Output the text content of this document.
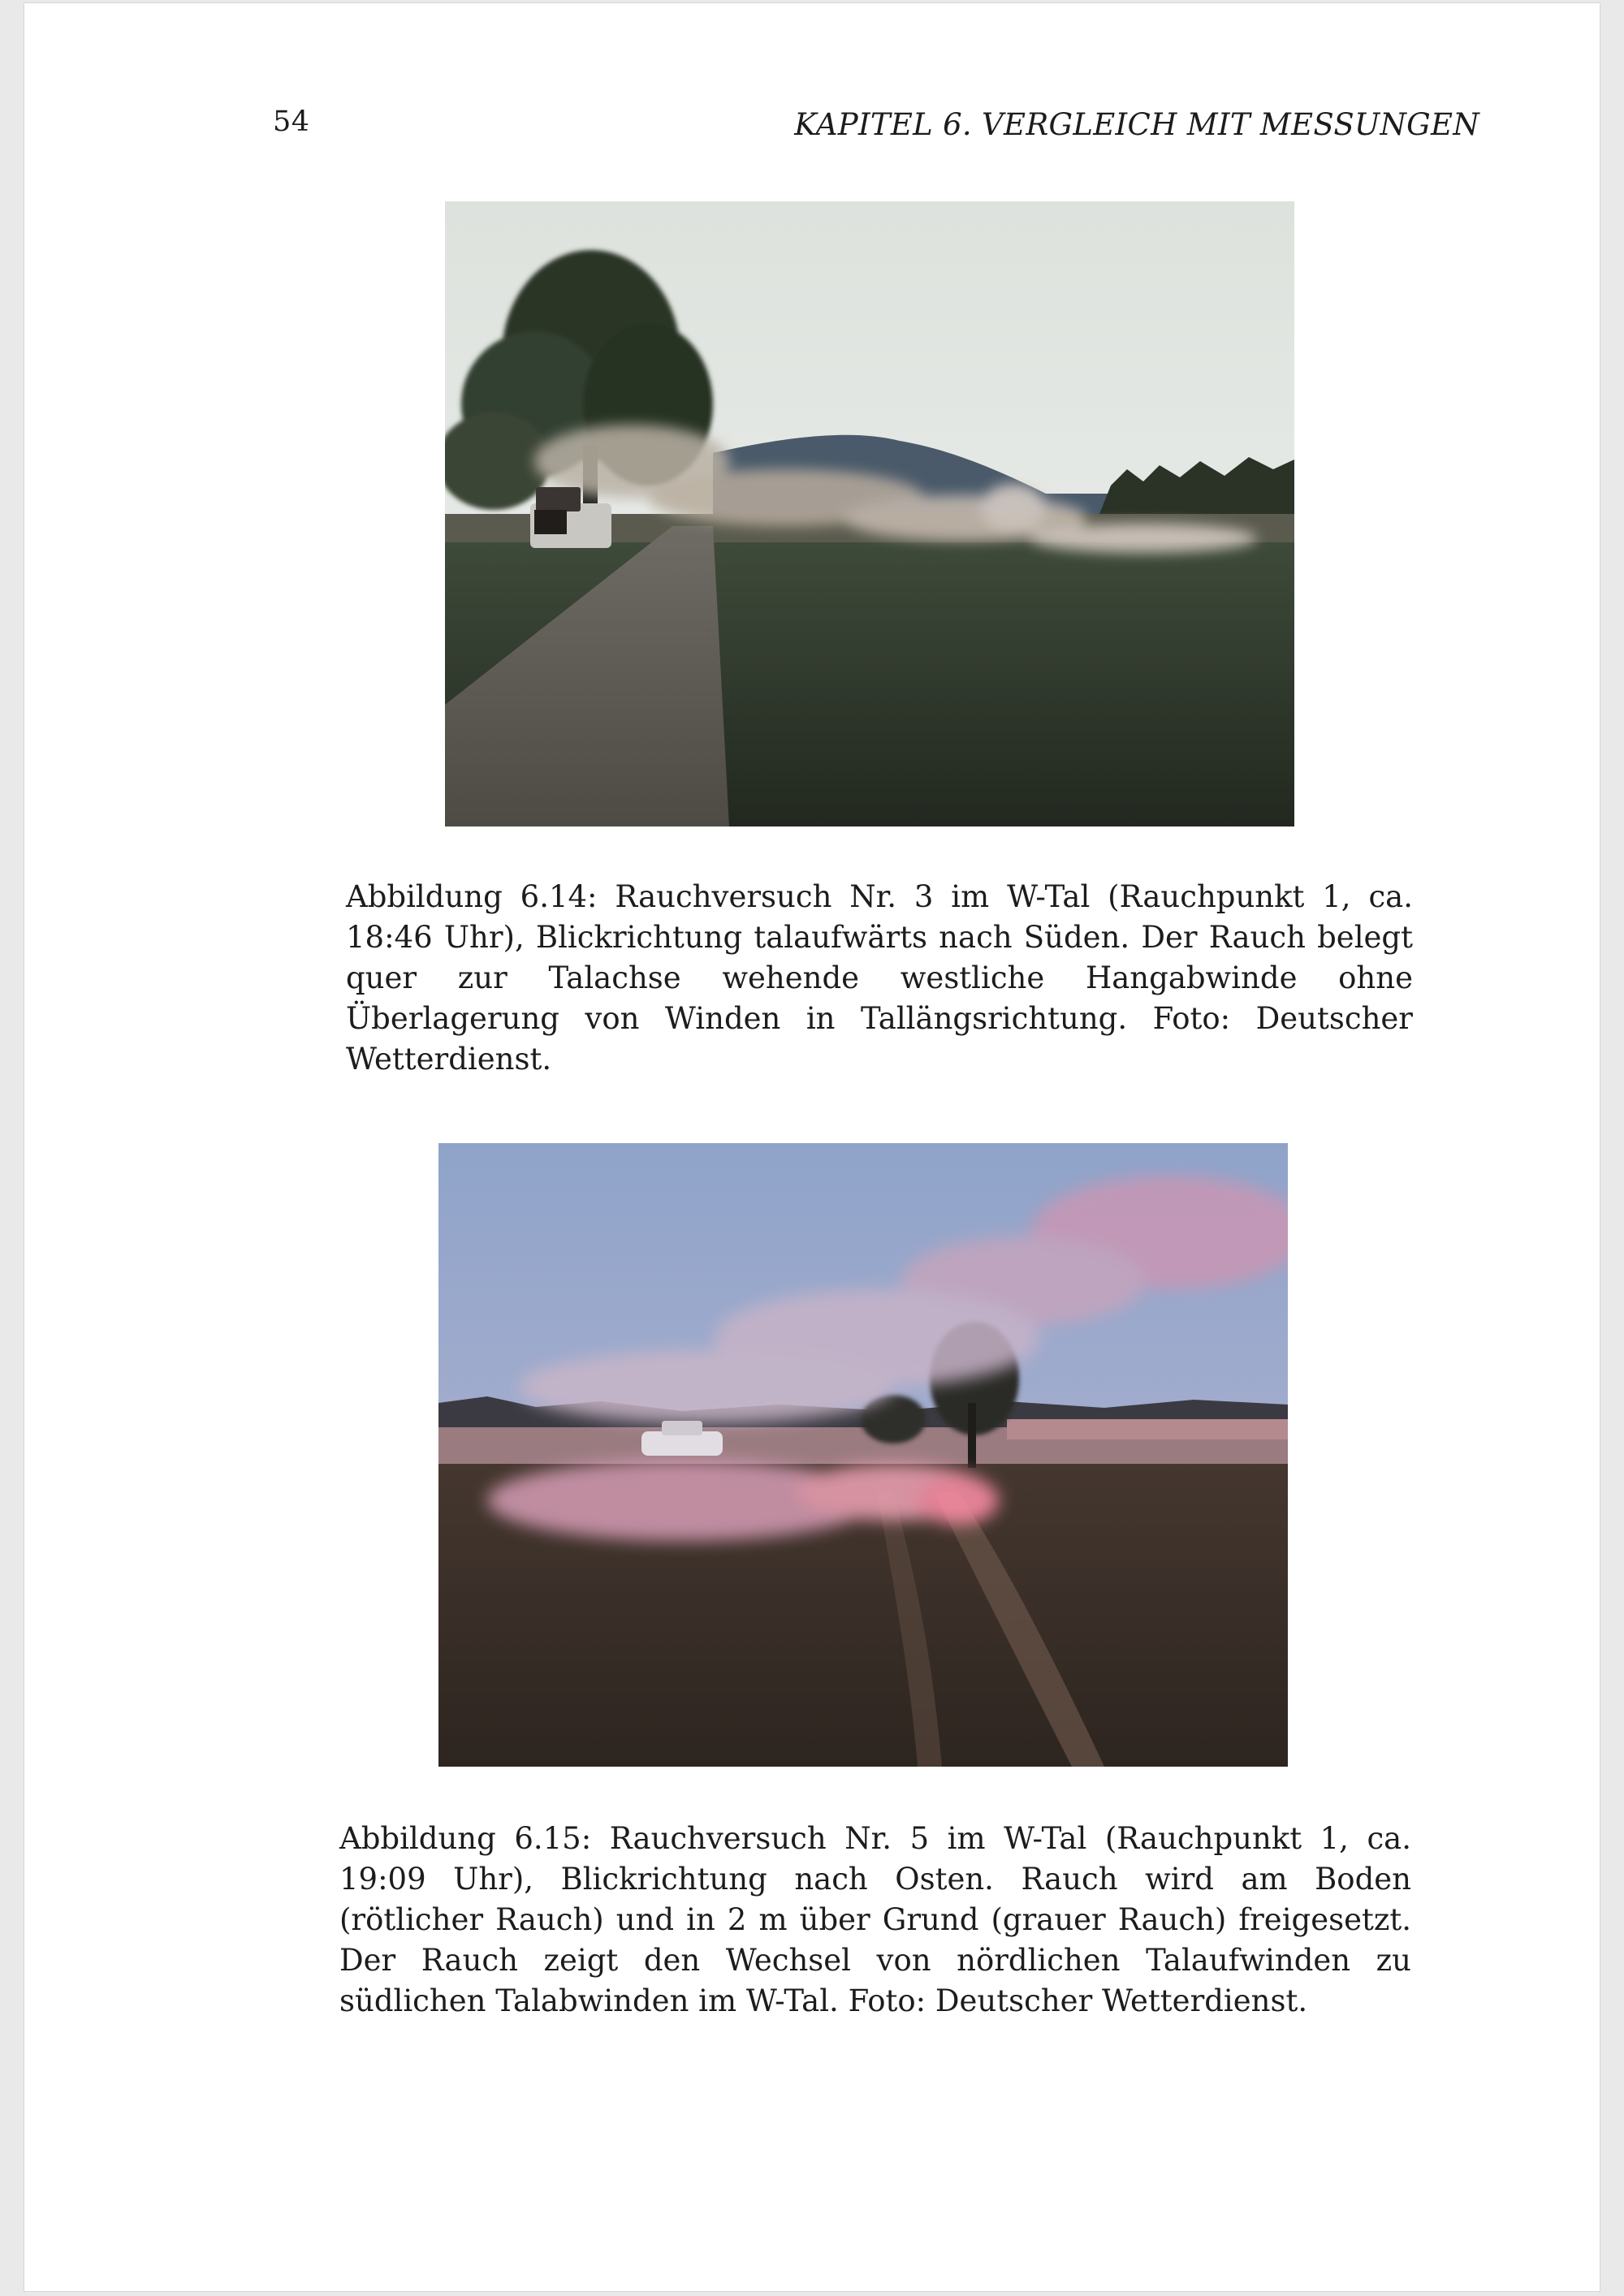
54	KAPITEL 6. VERGLEICH MIT MESSUNGEN
Abbildung 6.14: Rauchversuch Nr. 3 im W-Tal (Rauchpunkt 1, ca. 18:46 Uhr), Blickrichtung talaufwärts nach Süden. Der Rauch belegt quer zur Talachse wehende westliche Hangabwinde ohne Überlagerung von Winden in Tallängsrichtung. Foto: Deutscher Wetterdienst.
Abbildung 6.15: Rauchversuch Nr. 5 im W-Tal (Rauchpunkt 1, ca. 19:09 Uhr), Blickrichtung nach Osten. Rauch wird am Boden (rötlicher Rauch) und in 2 m über Grund (grauer Rauch) freigesetzt. Der Rauch zeigt den Wechsel von nördlichen Talaufwinden zu südlichen Talabwinden im W-Tal. Foto: Deutscher Wetterdienst.
